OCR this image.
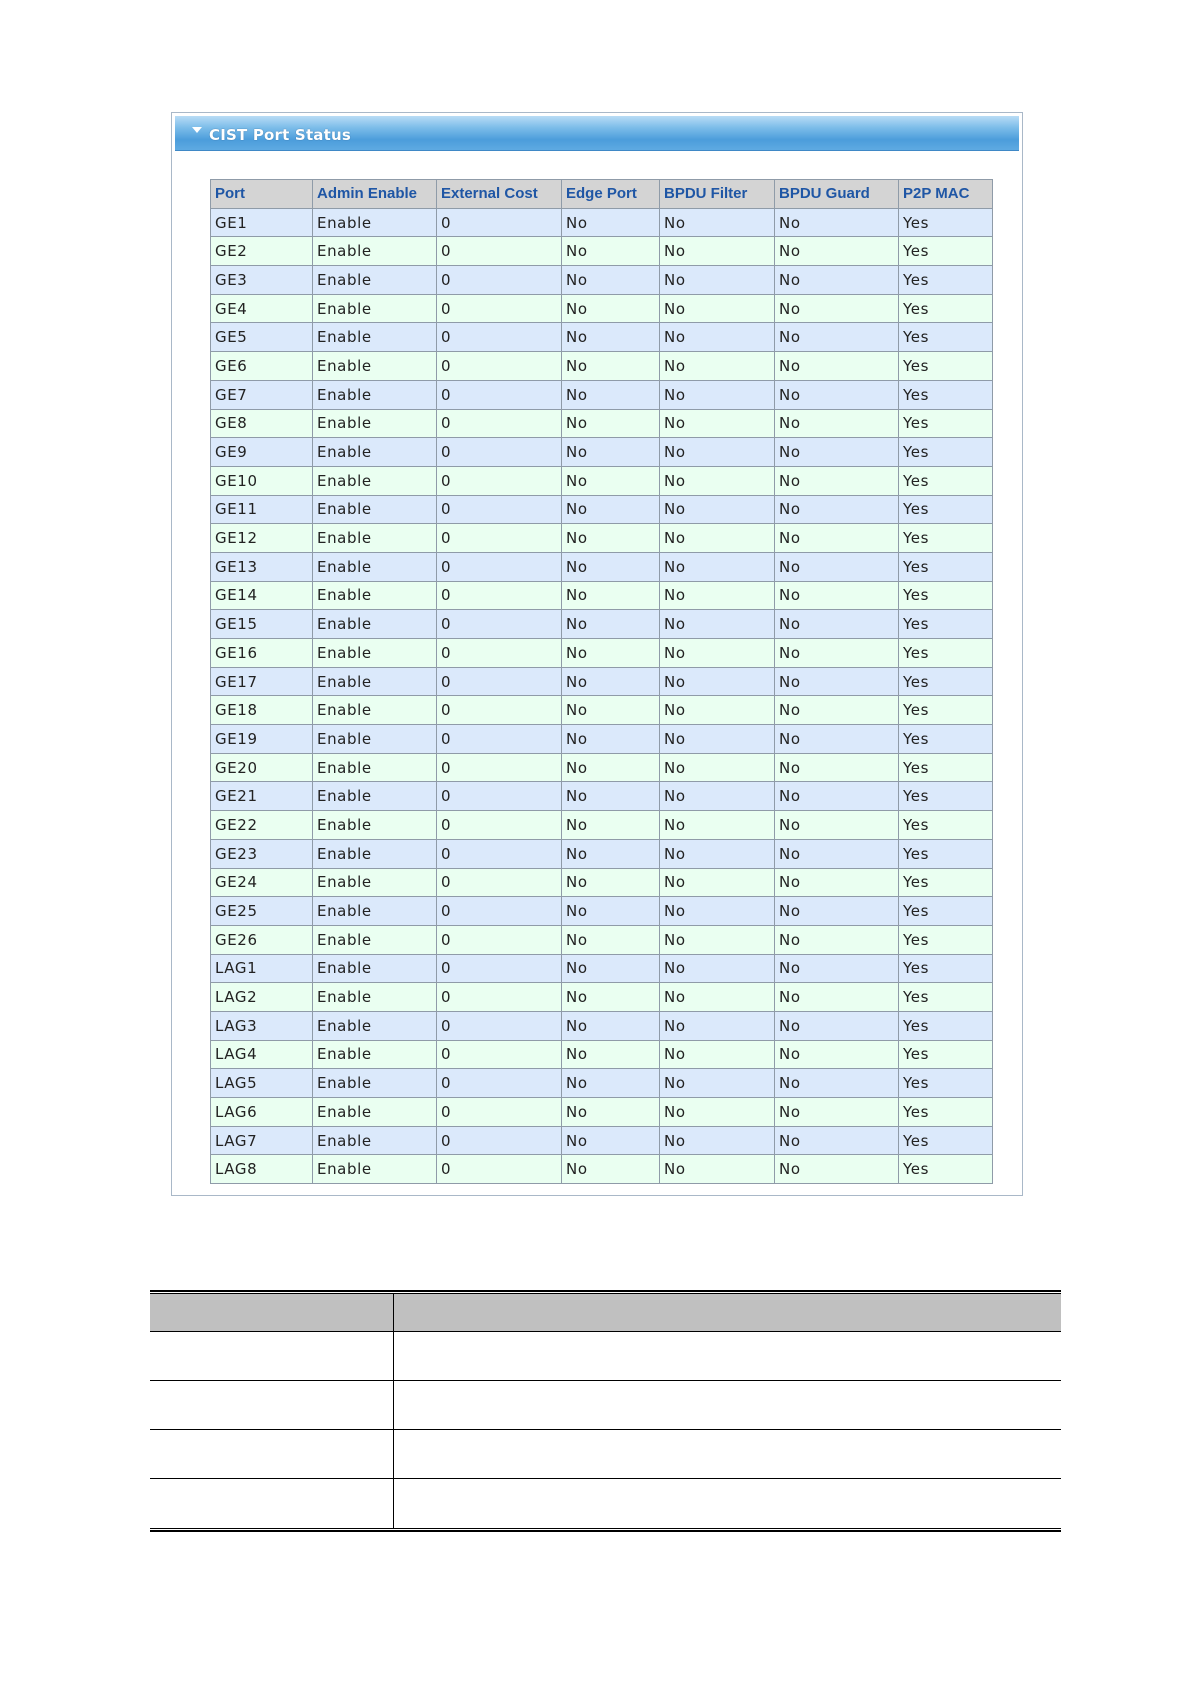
CIST Port Status
Port	Admin Enable	External Cost	Edge Port	BPDU Filter	BPDU Guard	P2P MAC
GE1	Enable	0	No	No	No	Yes
GE2	Enable	0	No	No	No	Yes
GE3	Enable	0	No	No	No	Yes
GE4	Enable	0	No	No	No	Yes
GE5	Enable	0	No	No	No	Yes
GE6	Enable	0	No	No	No	Yes
GE7	Enable	0	No	No	No	Yes
GE8	Enable	0	No	No	No	Yes
GE9	Enable	0	No	No	No	Yes
GE10	Enable	0	No	No	No	Yes
GE11	Enable	0	No	No	No	Yes
GE12	Enable	0	No	No	No	Yes
GE13	Enable	0	No	No	No	Yes
GE14	Enable	0	No	No	No	Yes
GE15	Enable	0	No	No	No	Yes
GE16	Enable	0	No	No	No	Yes
GE17	Enable	0	No	No	No	Yes
GE18	Enable	0	No	No	No	Yes
GE19	Enable	0	No	No	No	Yes
GE20	Enable	0	No	No	No	Yes
GE21	Enable	0	No	No	No	Yes
GE22	Enable	0	No	No	No	Yes
GE23	Enable	0	No	No	No	Yes
GE24	Enable	0	No	No	No	Yes
GE25	Enable	0	No	No	No	Yes
GE26	Enable	0	No	No	No	Yes
LAG1	Enable	0	No	No	No	Yes
LAG2	Enable	0	No	No	No	Yes
LAG3	Enable	0	No	No	No	Yes
LAG4	Enable	0	No	No	No	Yes
LAG5	Enable	0	No	No	No	Yes
LAG6	Enable	0	No	No	No	Yes
LAG7	Enable	0	No	No	No	Yes
LAG8	Enable	0	No	No	No	Yes
